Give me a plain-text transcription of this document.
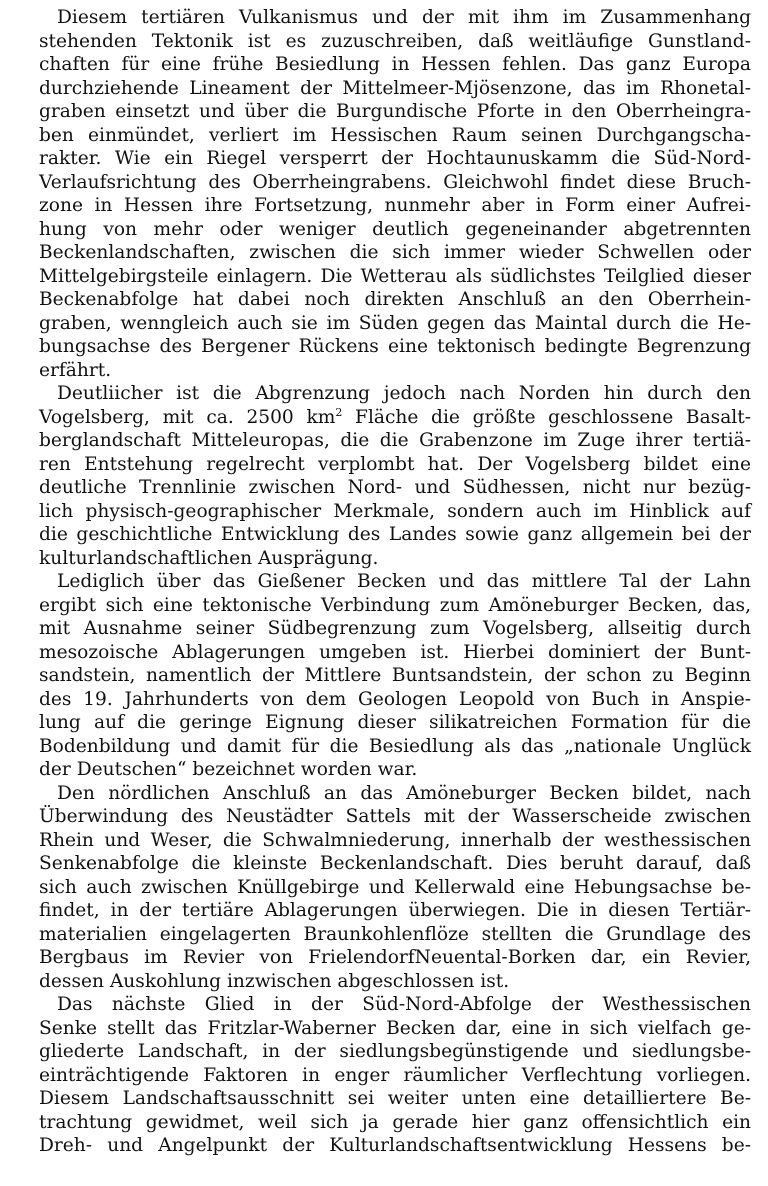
Diesem tertiären Vulkanismus und der mit ihm im Zusammenhang
stehenden Tektonik ist es zuzuschreiben, daß weitläufige Gunstland-
chaften für eine frühe Besiedlung in Hessen fehlen. Das ganz Europa
durchziehende Lineament der Mittelmeer-Mjösenzone, das im Rhonetal-
graben einsetzt und über die Burgundische Pforte in den Oberrheingra-
ben einmündet, verliert im Hessischen Raum seinen Durchgangscha-
rakter. Wie ein Riegel versperrt der Hochtaunuskamm die Süd-Nord-
Verlaufsrichtung des Oberrheingrabens. Gleichwohl findet diese Bruch-
zone in Hessen ihre Fortsetzung, nunmehr aber in Form einer Aufrei-
hung von mehr oder weniger deutlich gegeneinander abgetrennten
Beckenlandschaften, zwischen die sich immer wieder Schwellen oder
Mittelgebirgsteile einlagern. Die Wetterau als südlichstes Teilglied dieser
Beckenabfolge hat dabei noch direkten Anschluß an den Oberrhein-
graben, wenngleich auch sie im Süden gegen das Maintal durch die He-
bungsachse des Bergener Rückens eine tektonisch bedingte Begrenzung
erfährt.
Deutliicher ist die Abgrenzung jedoch nach Norden hin durch den
Vogelsberg, mit ca. 2500 $km^2$ Fläche die größte geschlossene Basalt-
berglandschaft Mitteleuropas, die die Grabenzone im Zuge ihrer tertiä-
ren Entstehung regelrecht verplombt hat. Der Vogelsberg bildet eine
deutliche Trennlinie zwischen Nord- und Südhessen, nicht nur bezüg-
lich physisch-geographischer Merkmale, sondern auch im Hinblick auf
die geschichtliche Entwicklung des Landes sowie ganz allgemein bei der
kulturlandschaftlichen Ausprägung.
Lediglich über das Gießener Becken und das mittlere Tal der Lahn
ergibt sich eine tektonische Verbindung zum Amöneburger Becken, das,
mit Ausnahme seiner Südbegrenzung zum Vogelsberg, allseitig durch
mesozoische Ablagerungen umgeben ist. Hierbei dominiert der Bunt-
sandstein, namentlich der Mittlere Buntsandstein, der schon zu Beginn
des 19. Jahrhunderts von dem Geologen Leopold von Buch in Anspie-
lung auf die geringe Eignung dieser silikatreichen Formation für die
Bodenbildung und damit für die Besiedlung als das „nationale Unglück
der Deutschen“ bezeichnet worden war.
Den nördlichen Anschluß an das Amöneburger Becken bildet, nach
Überwindung des Neustädter Sattels mit der Wasserscheide zwischen
Rhein und Weser, die Schwalmniederung, innerhalb der westhessischen
Senkenabfolge die kleinste Beckenlandschaft. Dies beruht darauf, daß
sich auch zwischen Knüllgebirge und Kellerwald eine Hebungsachse be-
findet, in der tertiäre Ablagerungen überwiegen. Die in diesen Tertiär-
materialien eingelagerten Braunkohlenflöze stellten die Grundlage des
Bergbaus im Revier von FrielendorfNeuental-Borken dar, ein Revier,
dessen Auskohlung inzwischen abgeschlossen ist.
Das nächste Glied in der Süd-Nord-Abfolge der Westhessischen
Senke stellt das Fritzlar-Waberner Becken dar, eine in sich vielfach ge-
gliederte Landschaft, in der siedlungsbegünstigende und siedlungsbe-
einträchtigende Faktoren in enger räumlicher Verflechtung vorliegen.
Diesem Landschaftsausschnitt sei weiter unten eine detailliertere Be-
trachtung gewidmet, weil sich ja gerade hier ganz offensichtlich ein
Dreh- und Angelpunkt der Kulturlandschaftsentwicklung Hessens be-
